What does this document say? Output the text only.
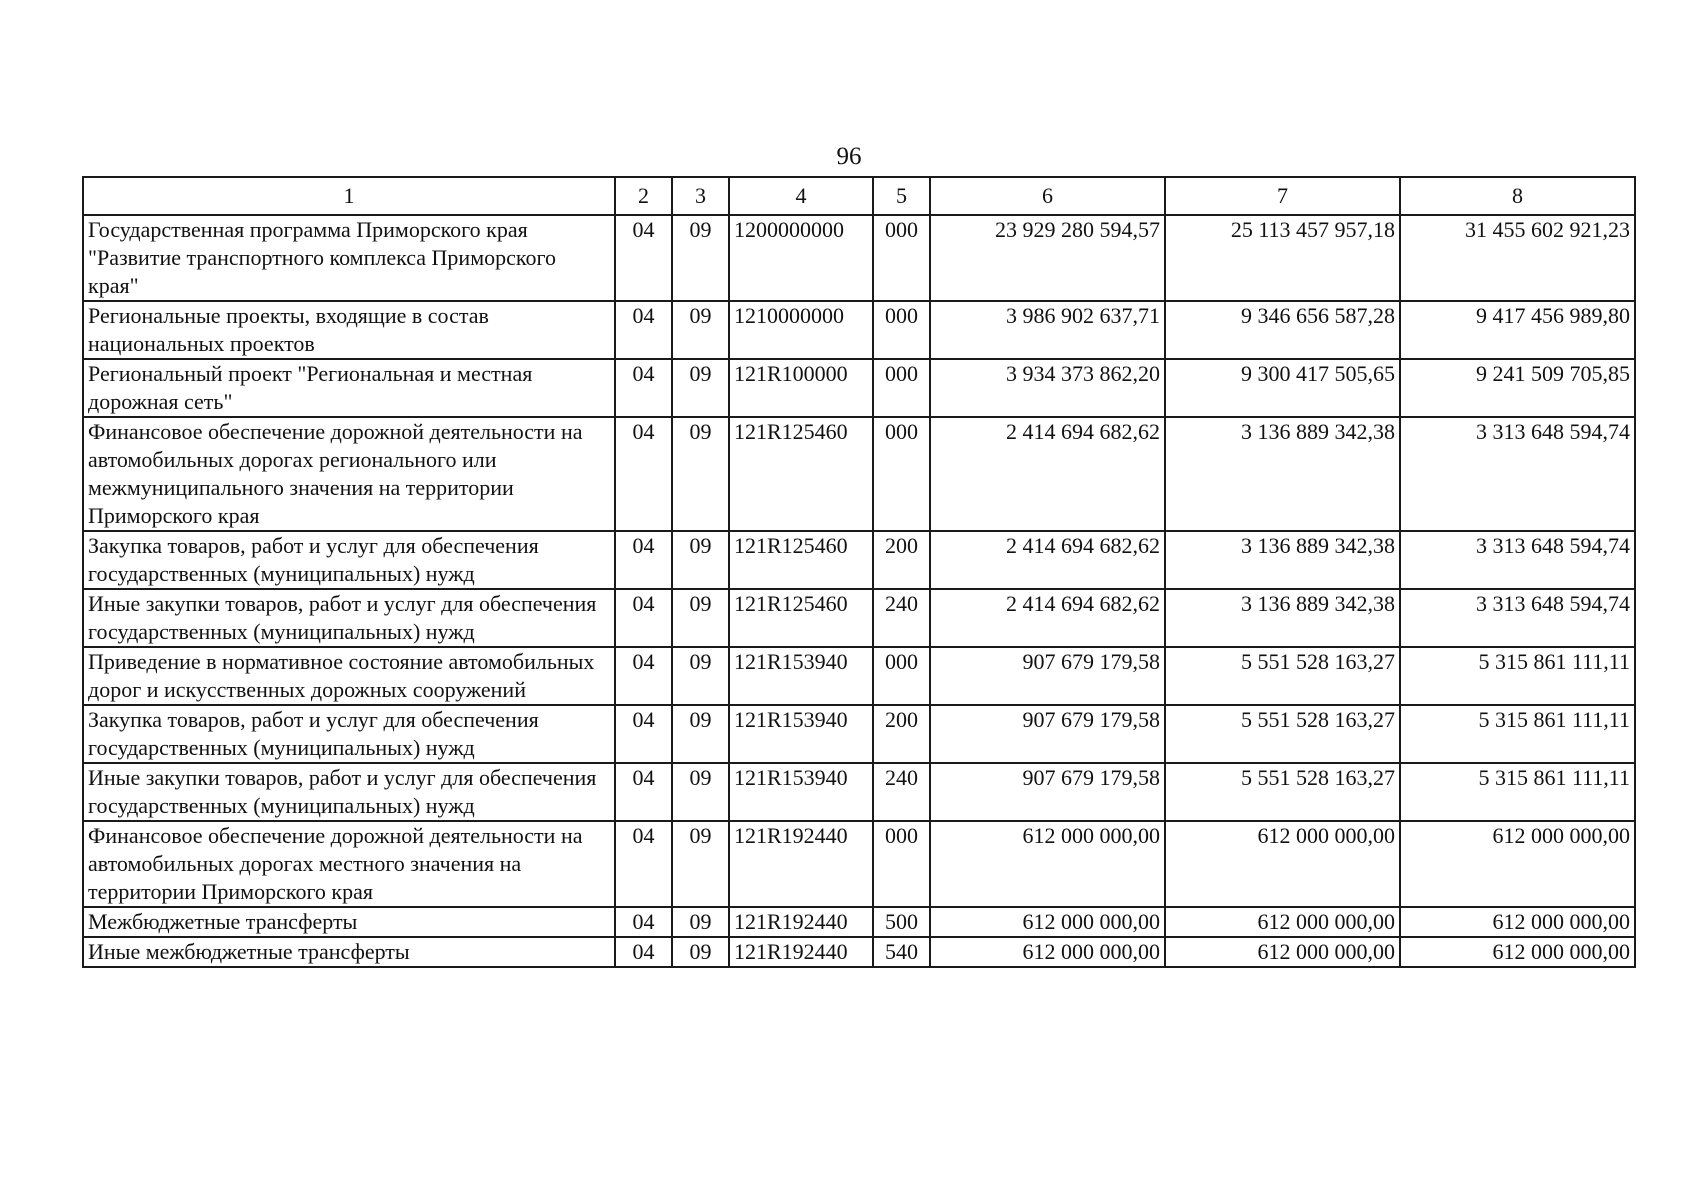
96
1	2	3	4	5	6	7	8
Государственная программа Приморского края "Развитие транспортного комплекса Приморского края"	04	09	1200000000	000	23 929 280 594,57	25 113 457 957,18	31 455 602 921,23
Региональные проекты, входящие в состав национальных проектов	04	09	1210000000	000	3 986 902 637,71	9 346 656 587,28	9 417 456 989,80
Региональный проект "Региональная и местная дорожная сеть"	04	09	121R100000	000	3 934 373 862,20	9 300 417 505,65	9 241 509 705,85
Финансовое обеспечение дорожной деятельности на автомобильных дорогах регионального или межмуниципального значения на территории Приморского края	04	09	121R125460	000	2 414 694 682,62	3 136 889 342,38	3 313 648 594,74
Закупка товаров, работ и услуг для обеспечения государственных (муниципальных) нужд	04	09	121R125460	200	2 414 694 682,62	3 136 889 342,38	3 313 648 594,74
Иные закупки товаров, работ и услуг для обеспечения государственных (муниципальных) нужд	04	09	121R125460	240	2 414 694 682,62	3 136 889 342,38	3 313 648 594,74
Приведение в нормативное состояние автомобильных дорог и искусственных дорожных сооружений	04	09	121R153940	000	907 679 179,58	5 551 528 163,27	5 315 861 111,11
Закупка товаров, работ и услуг для обеспечения государственных (муниципальных) нужд	04	09	121R153940	200	907 679 179,58	5 551 528 163,27	5 315 861 111,11
Иные закупки товаров, работ и услуг для обеспечения государственных (муниципальных) нужд	04	09	121R153940	240	907 679 179,58	5 551 528 163,27	5 315 861 111,11
Финансовое обеспечение дорожной деятельности на автомобильных дорогах местного значения на территории Приморского края	04	09	121R192440	000	612 000 000,00	612 000 000,00	612 000 000,00
Межбюджетные трансферты	04	09	121R192440	500	612 000 000,00	612 000 000,00	612 000 000,00
Иные межбюджетные трансферты	04	09	121R192440	540	612 000 000,00	612 000 000,00	612 000 000,00
